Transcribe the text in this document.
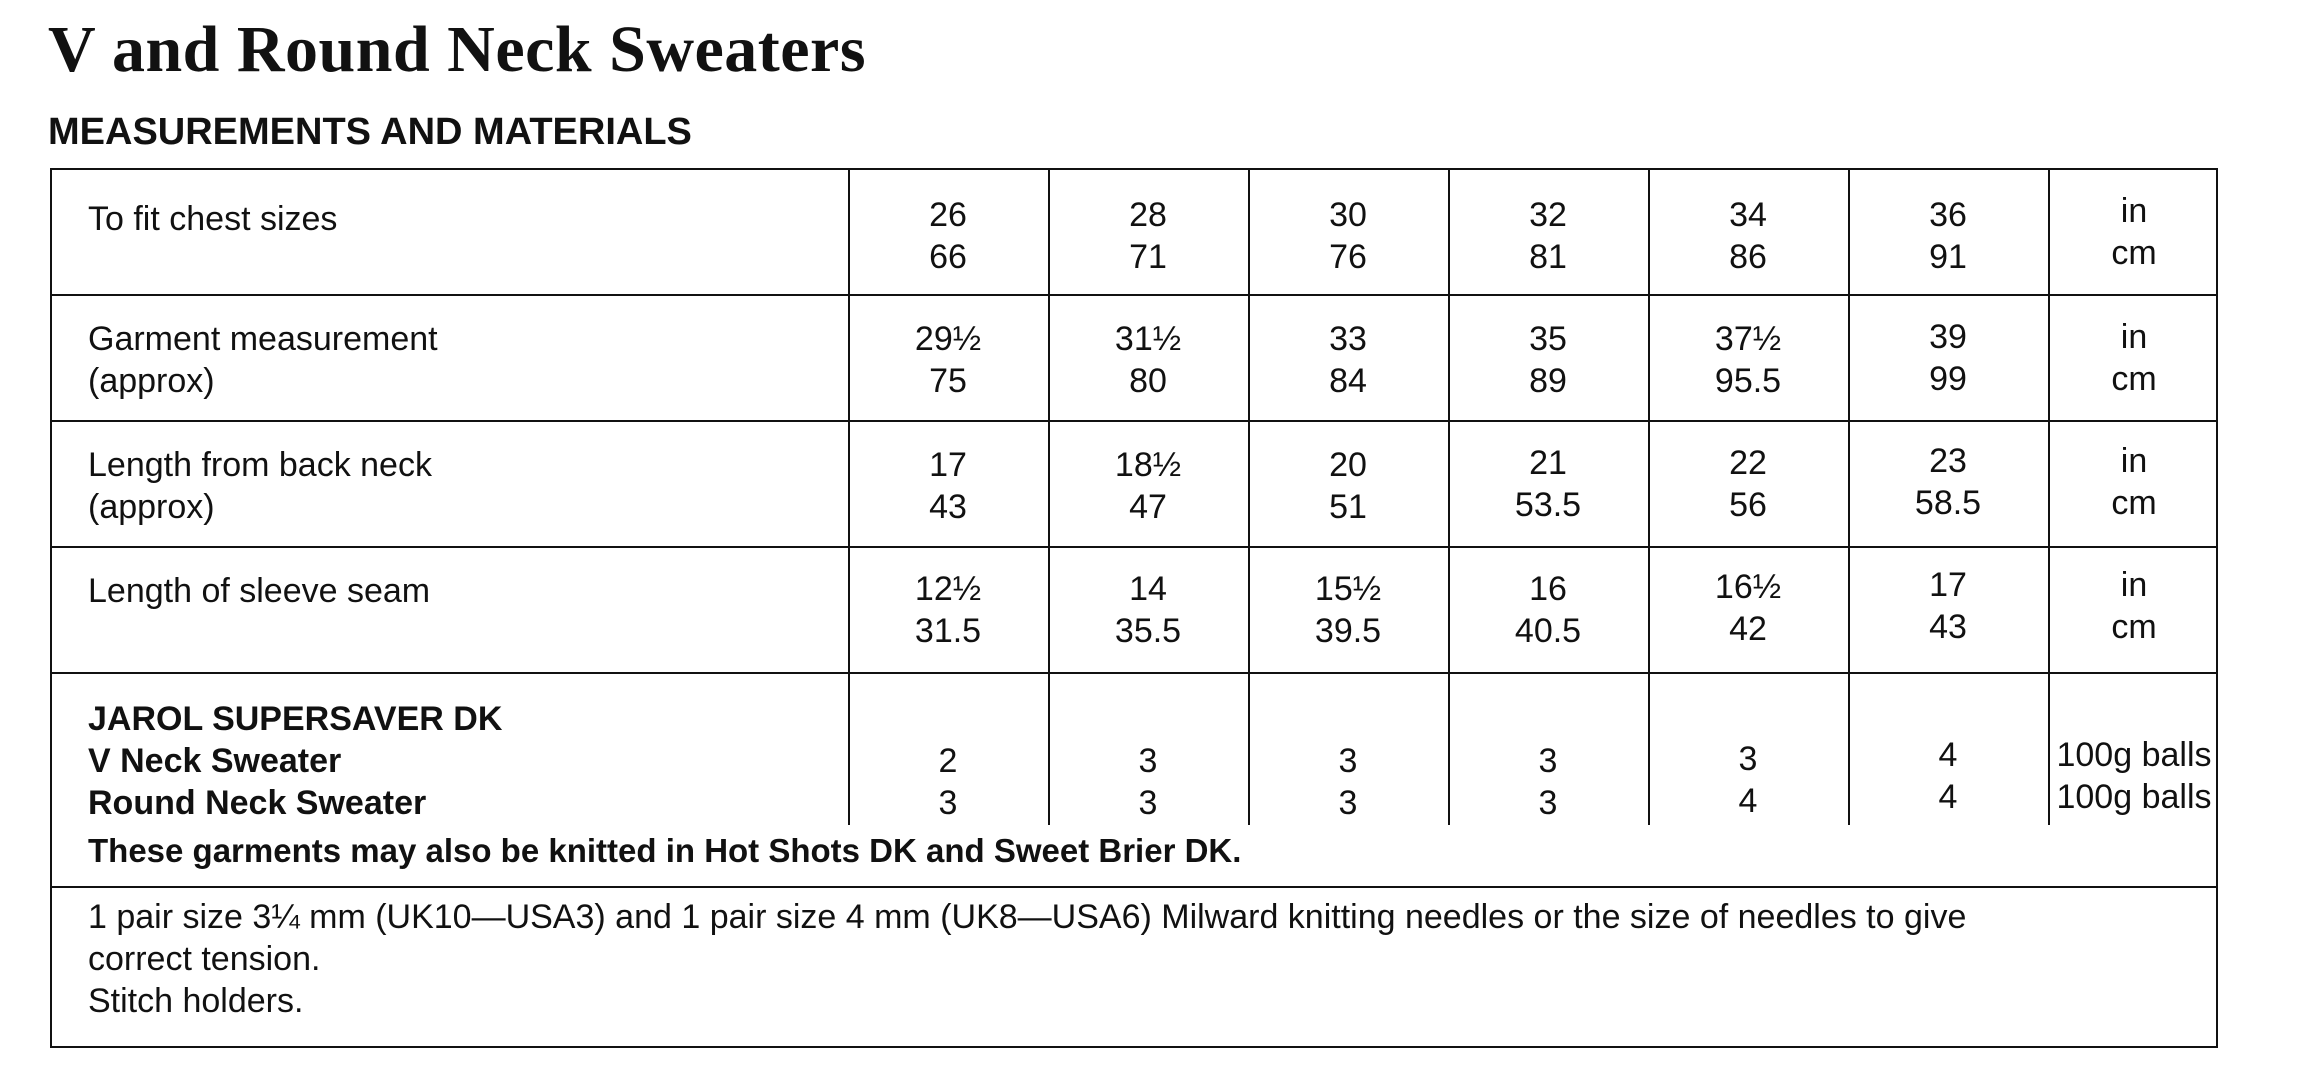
V and Round Neck Sweaters
MEASUREMENTS AND MATERIALS
To fit chest sizes	26
66
28
71
30
76
32
81
34
86
36
91
in
cm
Garment measurement
(approx)
29½
75
31½
80
33
84
35
89
37½
95.5
39
99
in
cm
Length from back neck
(approx)
17
43
18½
47
20
51
21
53.5
22
56
23
58.5
in
cm
Length of sleeve seam	12½
31.5
14
35.5
15½
39.5
16
40.5
16½
42
17
43
in
cm
JAROL SUPERSAVER DK
V Neck Sweater
Round Neck Sweater
2
3
3
3
3
3
3
3
3
4
4
4
100g balls
100g balls
These garments may also be knitted in Hot Shots DK and Sweet Brier DK.
1 pair size 3¼ mm (UK10—USA3) and 1 pair size 4 mm (UK8—USA6) Milward knitting needles or the size of needles to give
correct tension.
Stitch holders.
